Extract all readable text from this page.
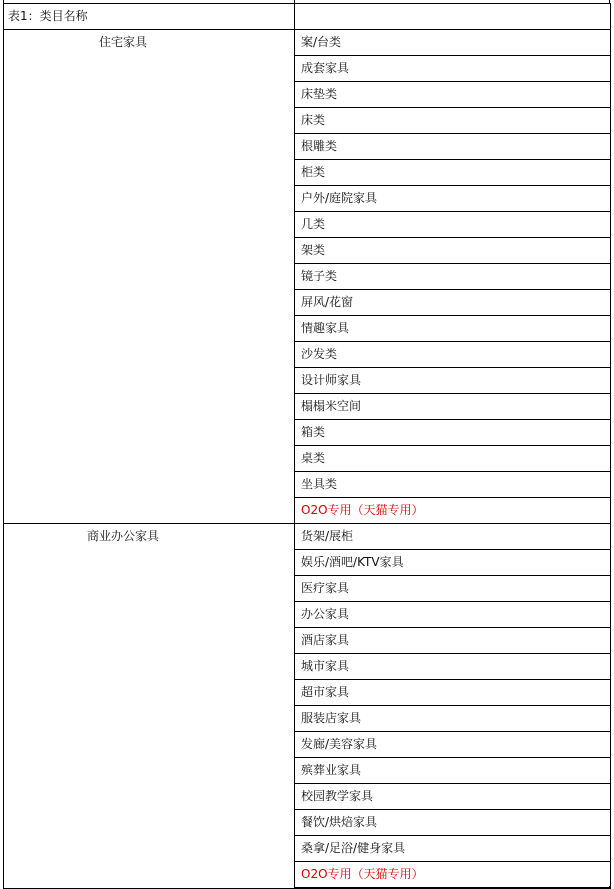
表1：类目名称	
住宅家具	案/台类
	成套家具
	床垫类
	床类
	根雕类
	柜类
	户外/庭院家具
	几类
	架类
	镜子类
	屏风/花窗
	情趣家具
	沙发类
	设计师家具
	榻榻米空间
	箱类
	桌类
	坐具类
	O2O专用（天猫专用）
商业办公家具	货架/展柜
	娱乐/酒吧/KTV家具
	医疗家具
	办公家具
	酒店家具
	城市家具
	超市家具
	服装店家具
	发廊/美容家具
	殡葬业家具
	校园教学家具
	餐饮/烘焙家具
	桑拿/足浴/健身家具
	O2O专用（天猫专用）
